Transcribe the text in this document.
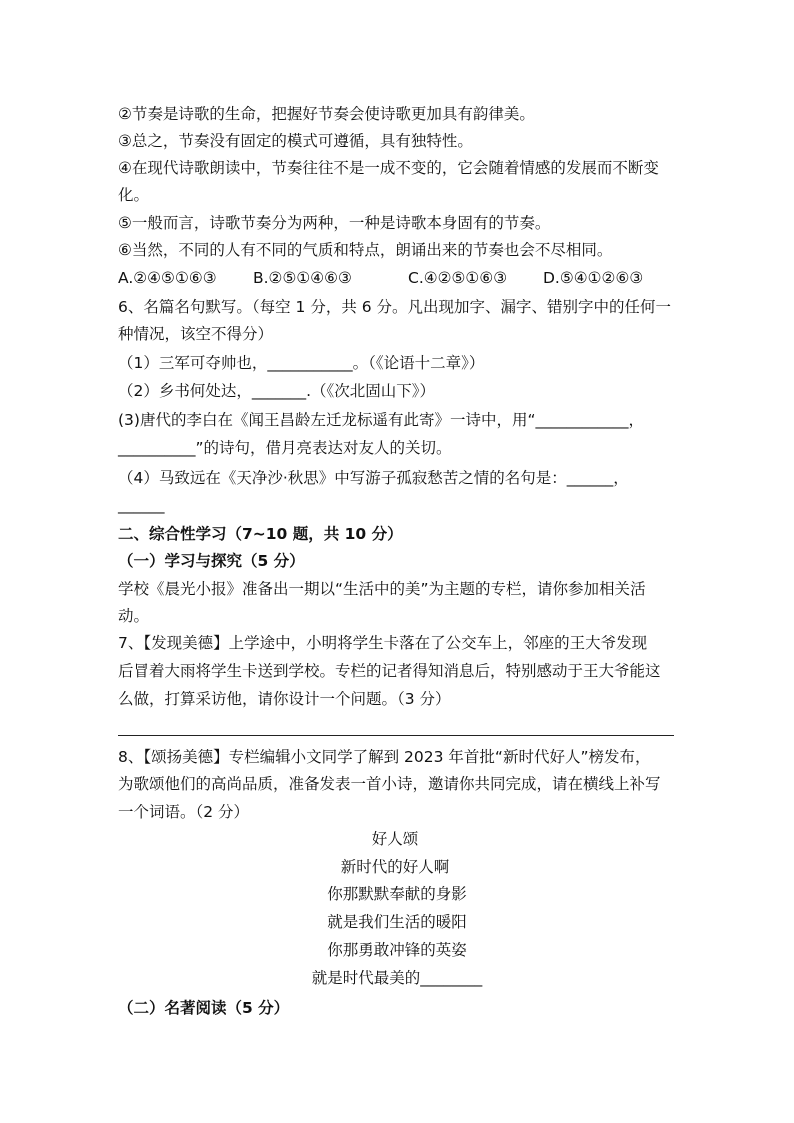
②节奏是诗歌的生命，把握好节奏会使诗歌更加具有韵律美。
③总之，节奏没有固定的模式可遵循，具有独特性。
④在现代诗歌朗读中，节奏往往不是一成不变的，它会随着情感的发展而不断变
化。
⑤一般而言，诗歌节奏分为两种，一种是诗歌本身固有的节奏。
⑥当然，不同的人有不同的气质和特点，朗诵出来的节奏也会不尽相同。
A.②④⑤①⑥③ B.②⑤①④⑥③	C.④②⑤①⑥③ D.⑤④①②⑥③
6、名篇名句默写。（每空 1 分，共 6 分。凡出现加字、漏字、错别字中的任何一
种情况，该空不得分）
（1）三军可夺帅也，___________。（《论语十二章》）
（2）乡书何处达，_______.（《次北固山下》）
(3)唐代的李白在《闻王昌龄左迁龙标遥有此寄》一诗中，用“____________，
__________”的诗句，借月亮表达对友人的关切。
（4）马致远在《天净沙·秋思》中写游子孤寂愁苦之情的名句是：______，
______
二、综合性学习（7~10 题，共 10 分）
（一）学习与探究（5 分）
学校《晨光小报》准备出一期以“生活中的美”为主题的专栏，请你参加相关活
动。
7、【发现美德】上学途中，小明将学生卡落在了公交车上，邻座的王大爷发现
后冒着大雨将学生卡送到学校。专栏的记者得知消息后，特别感动于王大爷能这
么做，打算采访他，请你设计一个问题。（3 分）
8、【颂扬美德】专栏编辑小文同学了解到 2023 年首批“新时代好人”榜发布，
为歌颂他们的高尚品质，准备发表一首小诗，邀请你共同完成，请在横线上补写
一个词语。（2 分）
好人颂
新时代的好人啊
你那默默奉献的身影
就是我们生活的暖阳
你那勇敢冲锋的英姿
就是时代最美的________
（二）名著阅读（5 分）
